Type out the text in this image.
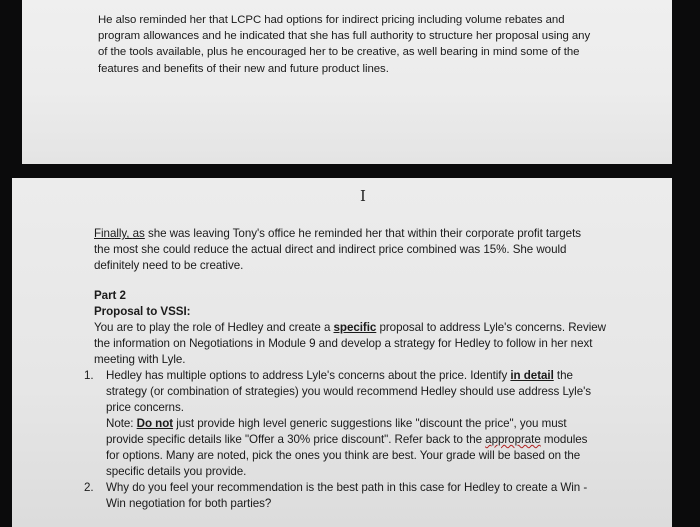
He also reminded her that LCPC had options for indirect pricing including volume rebates and
program allowances and he indicated that she has full authority to structure her proposal using any
of the tools available, plus he encouraged her to be creative, as well bearing in mind some of the
features and benefits of their new and future product lines.
I
Finally, as she was leaving Tony's office he reminded her that within their corporate profit targets
the most she could reduce the actual direct and indirect price combined was 15%. She would
definitely need to be creative.
Part 2
Proposal to VSSI:
You are to play the role of Hedley and create a specific proposal to address Lyle's concerns. Review
the information on Negotiations in Module 9 and develop a strategy for Hedley to follow in her next
meeting with Lyle.
1. Hedley has multiple options to address Lyle's concerns about the price. Identify in detail the
strategy (or combination of strategies) you would recommend Hedley should use address Lyle's
price concerns.
Note: Do not just provide high level generic suggestions like "discount the price", you must
provide specific details like "Offer a 30% price discount". Refer back to the approprate modules
for options. Many are noted, pick the ones you think are best. Your grade will be based on the
specific details you provide.
2. Why do you feel your recommendation is the best path in this case for Hedley to create a Win -
Win negotiation for both parties?
